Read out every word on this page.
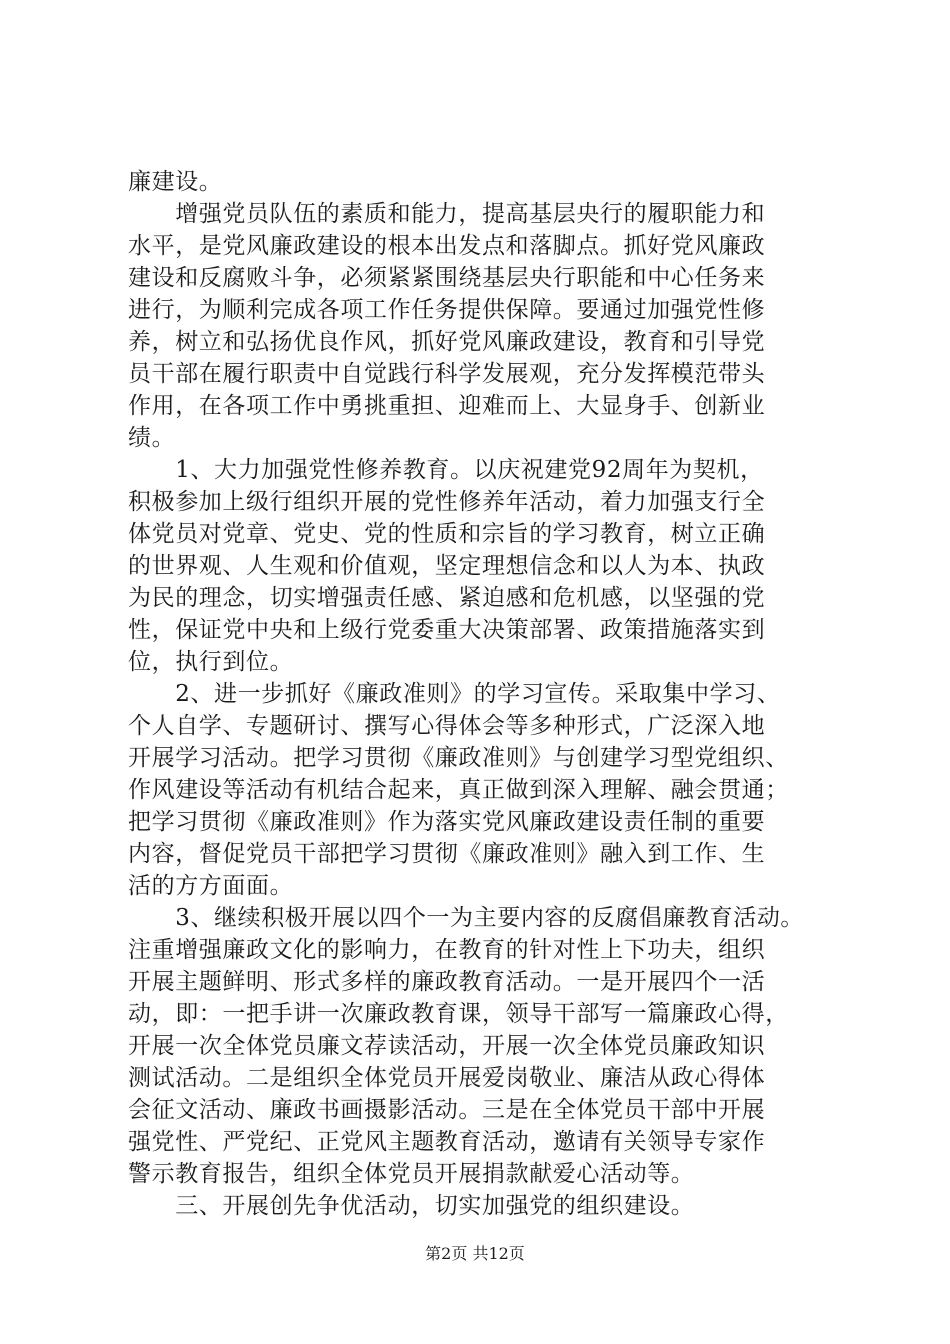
廉建设。

　　增强党员队伍的素质和能力，提高基层央行的履职能力和

水平，是党风廉政建设的根本出发点和落脚点。抓好党风廉政

建设和反腐败斗争，必须紧紧围绕基层央行职能和中心任务来

进行，为顺利完成各项工作任务提供保障。要通过加强党性修

养，树立和弘扬优良作风，抓好党风廉政建设，教育和引导党

员干部在履行职责中自觉践行科学发展观，充分发挥模范带头

作用，在各项工作中勇挑重担、迎难而上、大显身手、创新业

绩。

　　1、大力加强党性修养教育。以庆祝建党92周年为契机，

积极参加上级行组织开展的党性修养年活动，着力加强支行全

体党员对党章、党史、党的性质和宗旨的学习教育，树立正确

的世界观、人生观和价值观，坚定理想信念和以人为本、执政

为民的理念，切实增强责任感、紧迫感和危机感，以坚强的党

性，保证党中央和上级行党委重大决策部署、政策措施落实到

位，执行到位。

　　2、进一步抓好《廉政准则》的学习宣传。采取集中学习、

个人自学、专题研讨、撰写心得体会等多种形式，广泛深入地

开展学习活动。把学习贯彻《廉政准则》与创建学习型党组织、

作风建设等活动有机结合起来，真正做到深入理解、融会贯通；

把学习贯彻《廉政准则》作为落实党风廉政建设责任制的重要

内容，督促党员干部把学习贯彻《廉政准则》融入到工作、生

活的方方面面。

　　3、继续积极开展以四个一为主要内容的反腐倡廉教育活动。

注重增强廉政文化的影响力，在教育的针对性上下功夫，组织

开展主题鲜明、形式多样的廉政教育活动。一是开展四个一活

动，即：一把手讲一次廉政教育课，领导干部写一篇廉政心得，

开展一次全体党员廉文荐读活动，开展一次全体党员廉政知识

测试活动。二是组织全体党员开展爱岗敬业、廉洁从政心得体

会征文活动、廉政书画摄影活动。三是在全体党员干部中开展

强党性、严党纪、正党风主题教育活动，邀请有关领导专家作

警示教育报告，组织全体党员开展捐款献爱心活动等。

　　三、开展创先争优活动，切实加强党的组织建设。

第2页 共12页
